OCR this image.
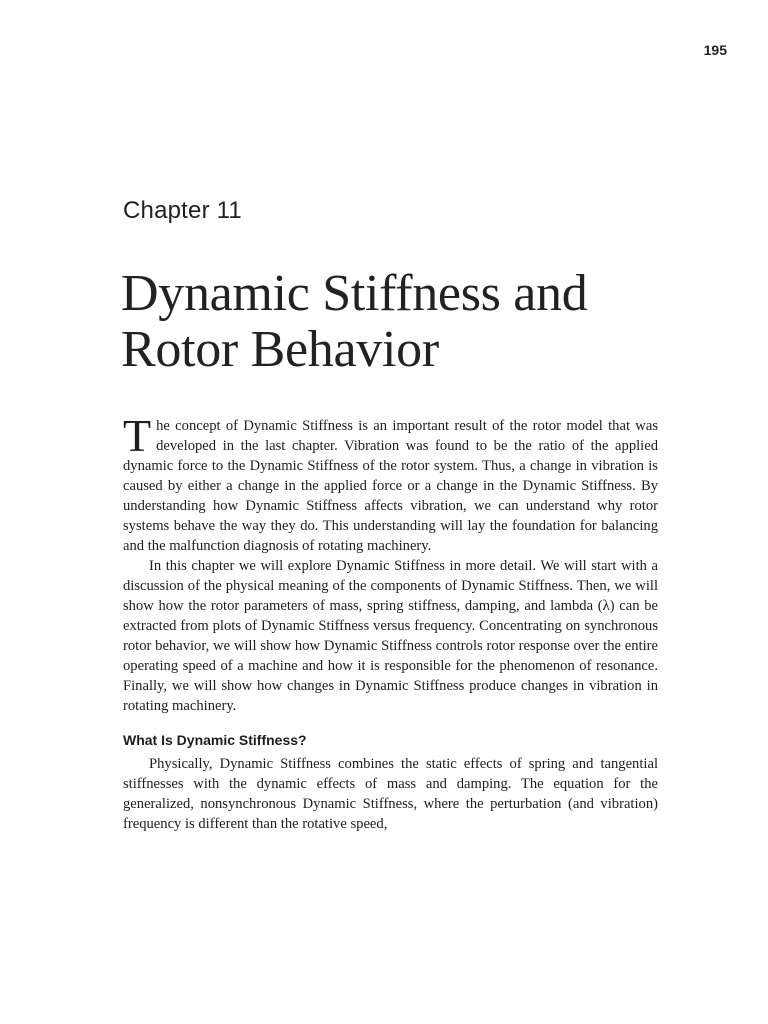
195
Chapter 11
Dynamic Stiffness and
Rotor Behavior

The concept of Dynamic Stiffness is an important result of the rotor model that was developed in the last chapter. Vibration was found to be the ratio of the applied dynamic force to the Dynamic Stiffness of the rotor system. Thus, a change in vibration is caused by either a change in the applied force or a change in the Dynamic Stiffness. By understanding how Dynamic Stiffness affects vibration, we can understand why rotor systems behave the way they do. This understanding will lay the foundation for balancing and the malfunction diagnosis of rotating machinery.

In this chapter we will explore Dynamic Stiffness in more detail. We will start with a discussion of the physical meaning of the components of Dynamic Stiffness. Then, we will show how the rotor parameters of mass, spring stiffness, damping, and lambda (λ) can be extracted from plots of Dynamic Stiffness versus frequency. Concentrating on synchronous rotor behavior, we will show how Dynamic Stiffness controls rotor response over the entire operating speed of a machine and how it is responsible for the phenomenon of resonance. Finally, we will show how changes in Dynamic Stiffness produce changes in vibration in rotating machinery.

What Is Dynamic Stiffness?

Physically, Dynamic Stiffness combines the static effects of spring and tangential stiffnesses with the dynamic effects of mass and damping. The equation for the generalized, nonsynchronous Dynamic Stiffness, where the perturbation (and vibration) frequency is different than the rotative speed,
